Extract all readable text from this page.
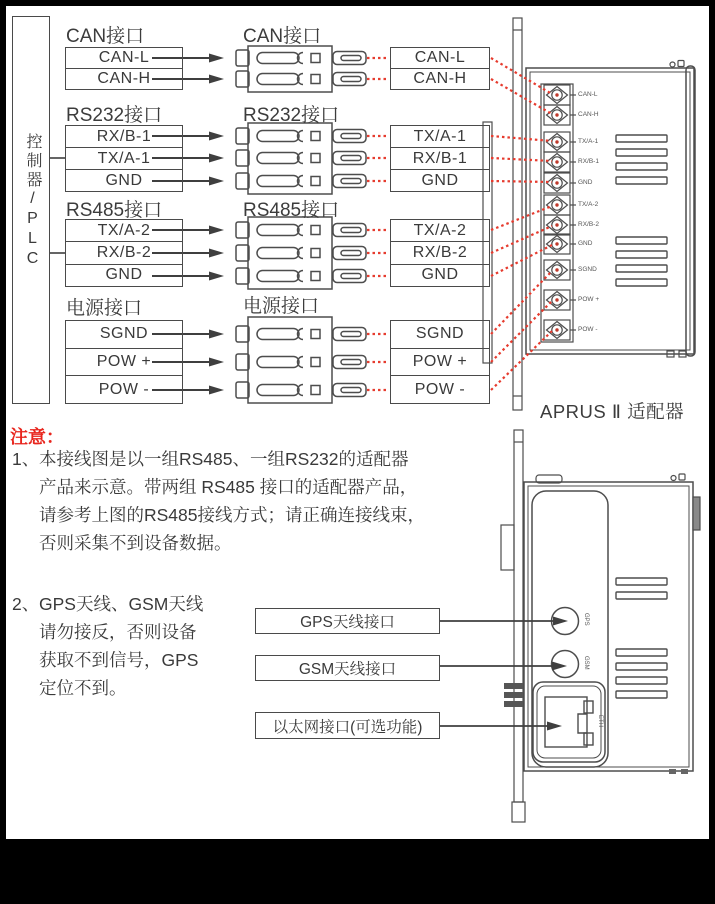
控制器/PLC
CAN接口
RS232接口
RS485接口
电源接口
CAN接口
RS232接口
RS485接口
电源接口
CAN-L
CAN-H
RX/B-1
TX/A-1
GND
TX/A-2
RX/B-2
GND
SGND
POW +
POW -
CAN-L
CAN-H
TX/A-1
RX/B-1
GND
TX/A-2
RX/B-2
GND
SGND
POW +
POW -
CAN-L
CAN-H
TX/A-1
RX/B-1
GND
TX/A-2
RX/B-2
GND
SGND
POW +
POW -
APRUS Ⅱ 适配器
注意：
1、 本接线图是以一组RS485、一组RS232的适配器
产品来示意。带两组 RS485 接口的适配器产品，
请参考上图的RS485接线方式；请正确连接线束，
否则采集不到设备数据。
2、 GPS天线、GSM天线
请勿接反，否则设备
获取不到信号，GPS
定位不到。
GPS天线接口
GSM天线接口
以太网接口(可选功能)
GPS
GSM
ETH
